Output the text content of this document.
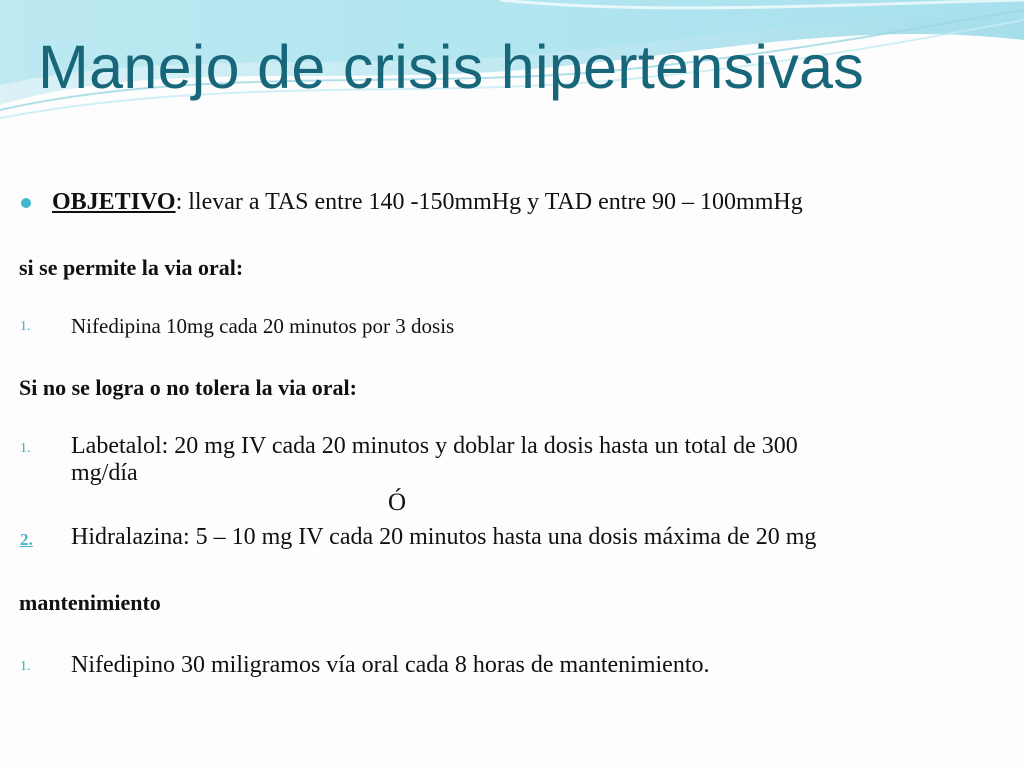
Manejo de crisis hipertensivas
OBJETIVO: llevar a TAS entre 140 -150mmHg y TAD entre 90 – 100mmHg
si se permite la via oral:
1. Nifedipina 10mg cada 20 minutos por 3 dosis
Si no se logra o no tolera la via oral:
1. Labetalol: 20 mg IV cada 20 minutos y doblar la dosis hasta un total de 300
mg/día
Ó
2. Hidralazina: 5 – 10 mg IV cada 20 minutos hasta una dosis máxima de 20 mg
mantenimiento
1. Nifedipino 30 miligramos vía oral cada 8 horas de mantenimiento.
